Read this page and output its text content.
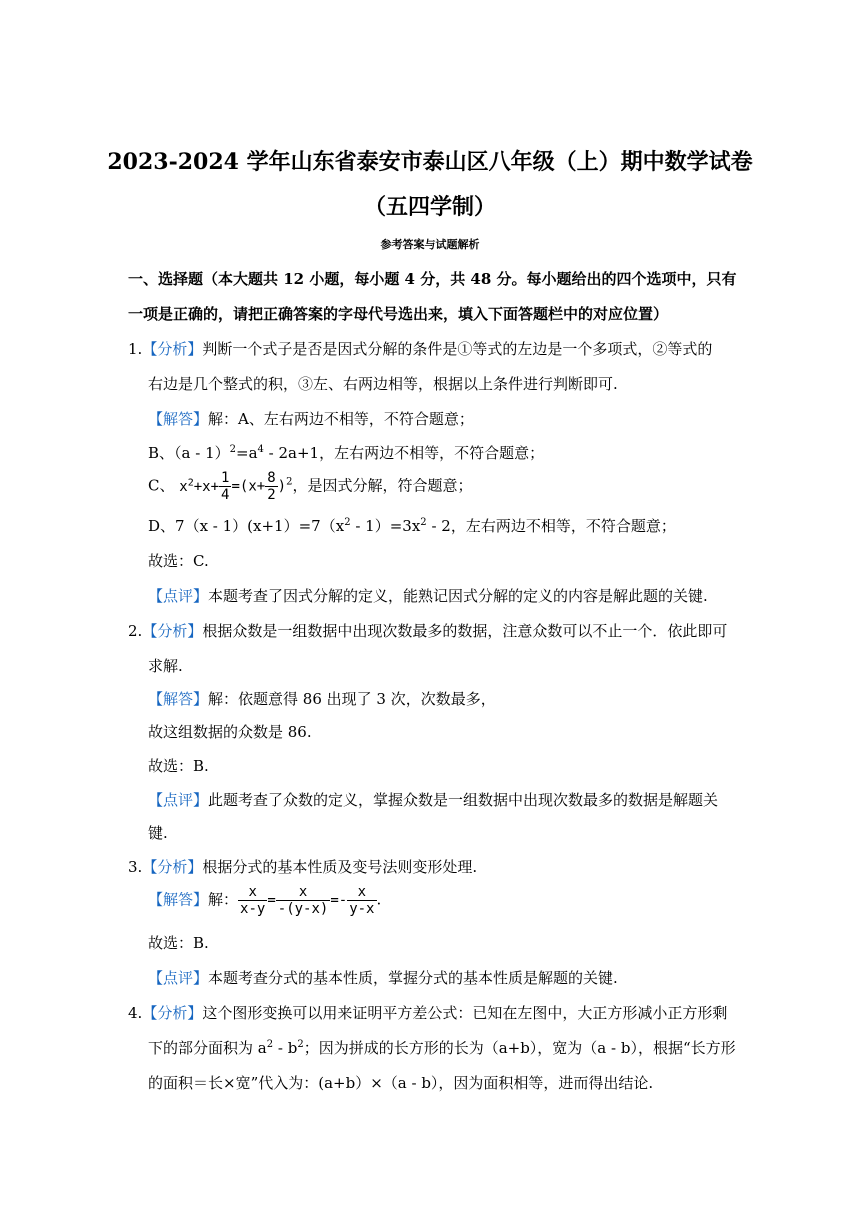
2023-2024 学年山东省泰安市泰山区八年级（上）期中数学试卷
（五四学制）
参考答案与试题解析
一、选择题（本大题共 12 小题，每小题 4 分，共 48 分。每小题给出的四个选项中，只有
一项是正确的，请把正确答案的字母代号选出来，填入下面答题栏中的对应位置）
1.【分析】判断一个式子是否是因式分解的条件是①等式的左边是一个多项式，②等式的
右边是几个整式的积，③左、右两边相等，根据以上条件进行判断即可.
【解答】解：A、左右两边不相等，不符合题意；
B、$(a - 1)^2=a^4 - 2a+1$，左右两边不相等，不符合题意；
C、 $x^2+x+ \frac{1}{4} =(x+ \frac{8}{2} )^2$，是因式分解，符合题意；
D、$7(x - 1)(x+1)=7(x^2 - 1)=3x^2 - 2$，左右两边不相等，不符合题意；
故选：C.
【点评】本题考查了因式分解的定义，能熟记因式分解的定义的内容是解此题的关键.
2.【分析】根据众数是一组数据中出现次数最多的数据，注意众数可以不止一个．依此即可
求解.
【解答】解：依题意得 86 出现了 3 次，次数最多，
故这组数据的众数是 86.
故选：B.
【点评】此题考查了众数的定义，掌握众数是一组数据中出现次数最多的数据是解题关
键.
3.【分析】根据分式的基本性质及变号法则变形处理.
【解答】解： $\frac{x}{x-y} = \frac{x}{-(y-x)} =- \frac{x}{y-x}$ .
故选：B.
【点评】本题考查分式的基本性质，掌握分式的基本性质是解题的关键.
4.【分析】这个图形变换可以用来证明平方差公式：已知在左图中，大正方形减小正方形剩
下的部分面积为 $a^2 - b^2$；因为拼成的长方形的长为（a+b），宽为（a - b），根据“长方形
的面积＝长×宽”代入为：(a+b）×（a - b），因为面积相等，进而得出结论.
